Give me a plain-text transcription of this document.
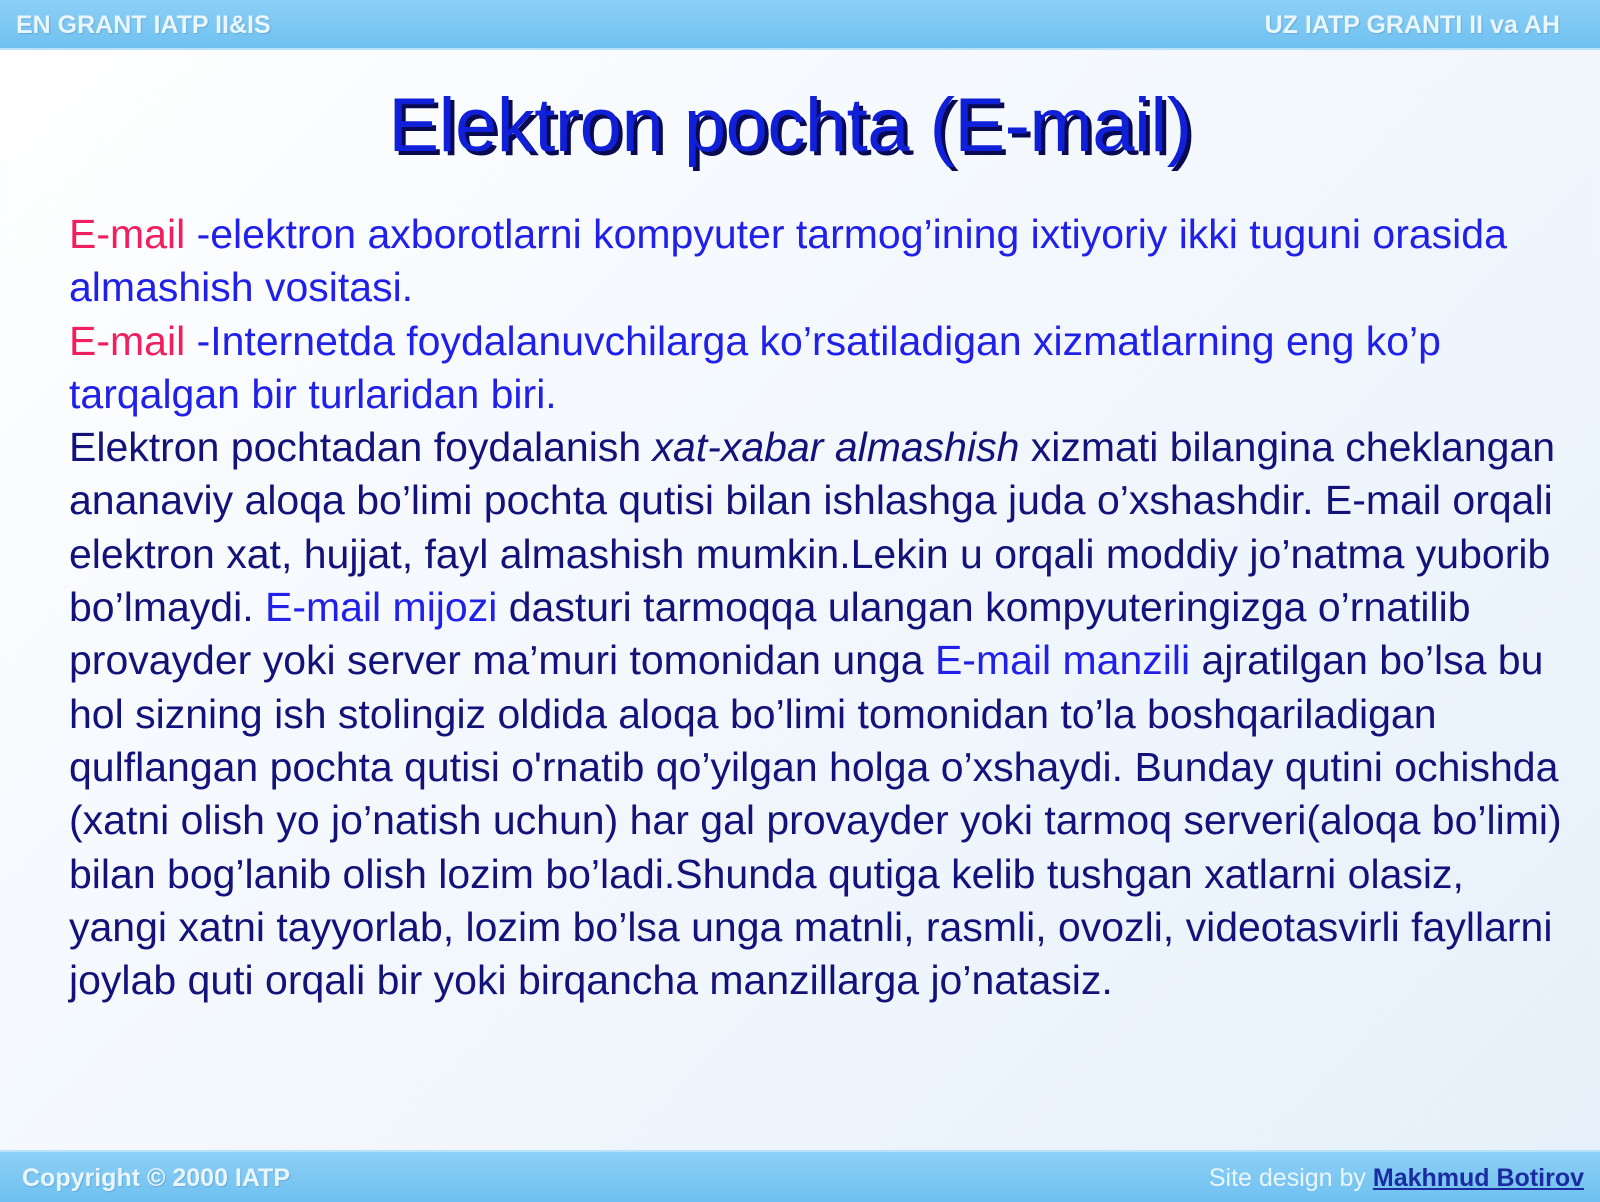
EN GRANT IATP II&IS	UZ IATP GRANTI II va AH
Elektron pochta (E-mail)

E-mail -elektron axborotlarni kompyuter tarmog’ining ixtiyoriy ikki tuguni orasida almashish vositasi.

E-mail -Internetda foydalanuvchilarga ko’rsatiladigan xizmatlarning eng ko’p tarqalgan bir turlaridan biri.

Elektron pochtadan foydalanish xat-xabar almashish xizmati bilangina cheklangan ananaviy aloqa bo’limi pochta qutisi bilan ishlashga juda o’xshashdir. E-mail orqali elektron xat, hujjat, fayl almashish mumkin.Lekin u orqali moddiy jo’natma yuborib bo’lmaydi. E-mail mijozi dasturi tarmoqqa ulangan kompyuteringizga o’rnatilib provayder yoki server ma’muri tomonidan unga E-mail manzili ajratilgan bo’lsa bu hol sizning ish stolingiz oldida aloqa bo’limi tomonidan to’la boshqariladigan qulflangan pochta qutisi o'rnatib qo’yilgan holga o’xshaydi. Bunday qutini ochishda (xatni olish yo jo’natish uchun) har gal provayder yoki tarmoq serveri(aloqa bo’limi) bilan bog’lanib olish lozim bo’ladi.Shunda qutiga kelib tushgan xatlarni olasiz, yangi xatni tayyorlab, lozim bo’lsa unga matnli, rasmli, ovozli, videotasvirli fayllarni joylab quti orqali bir yoki birqancha manzillarga jo’natasiz.

Copyright © 2000 IATP	Site design by Makhmud Botirov
